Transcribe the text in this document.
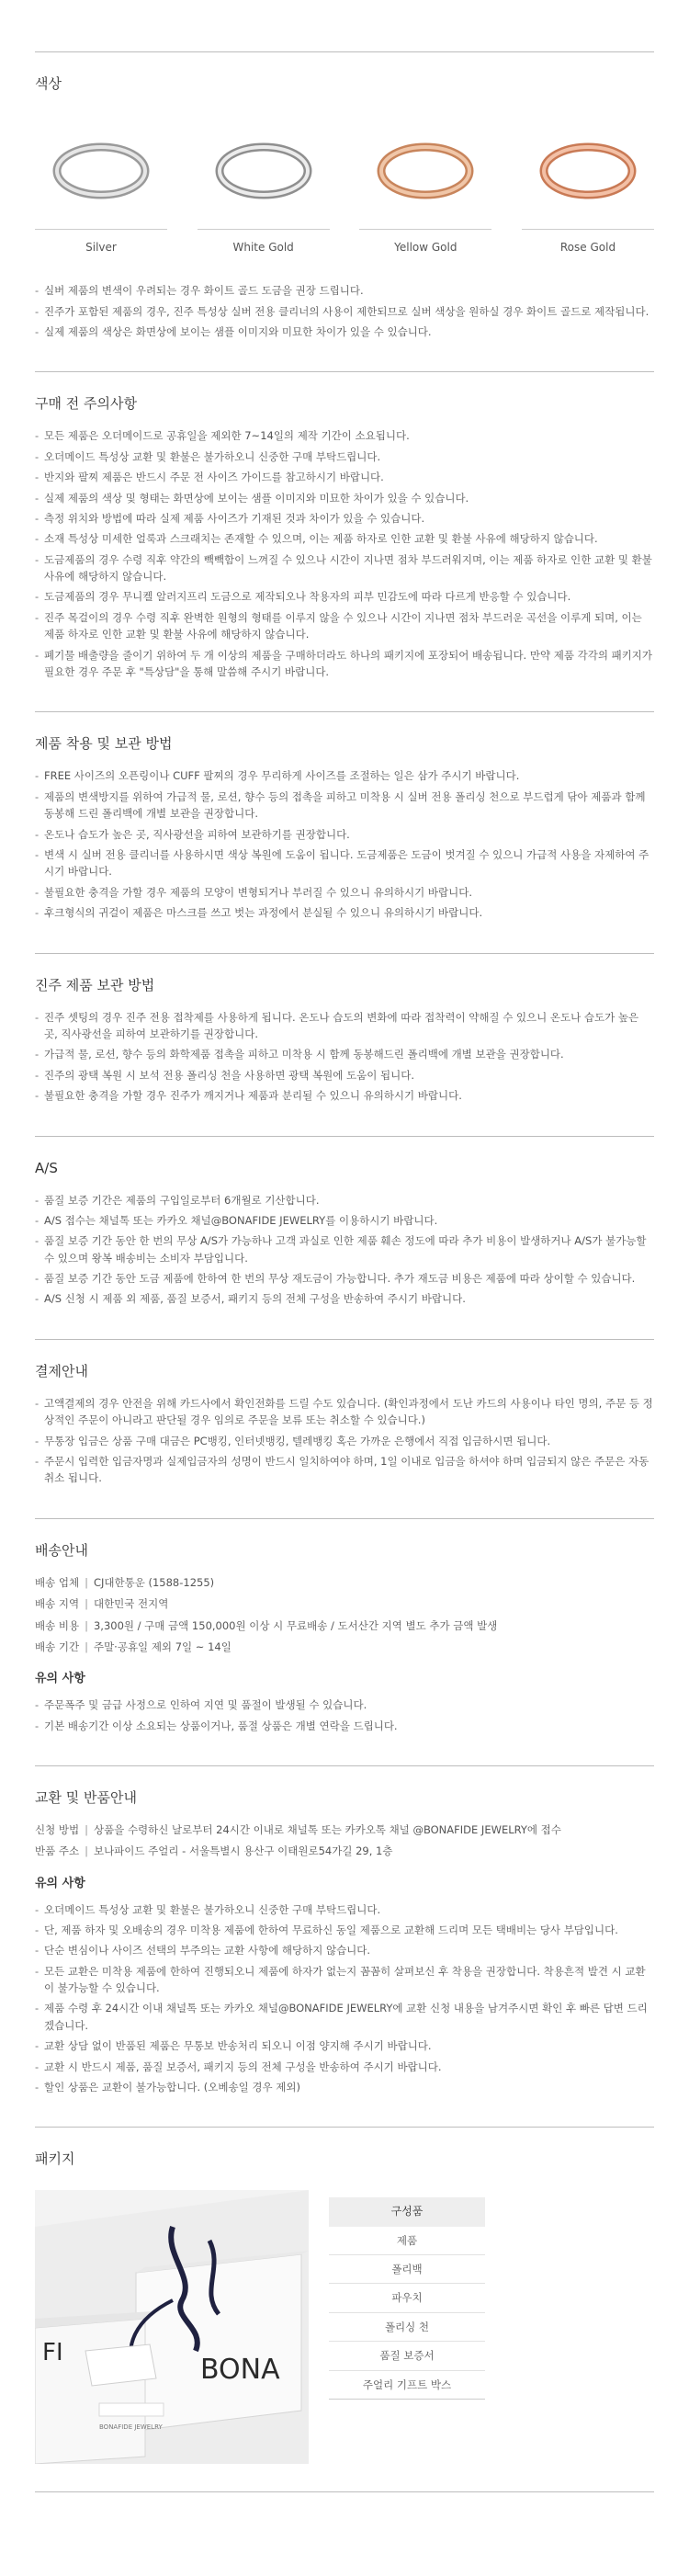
색상
Silver	White Gold	Yellow Gold	Rose Gold
- 실버 제품의 변색이 우려되는 경우 화이트 골드 도금을 권장 드립니다.
- 진주가 포함된 제품의 경우, 진주 특성상 실버 전용 클리너의 사용이 제한되므로 실버 색상을 원하실 경우 화이트 골드로 제작됩니다.
- 실제 제품의 색상은 화면상에 보이는 샘플 이미지와 미묘한 차이가 있을 수 있습니다.
구매 전 주의사항
- 모든 제품은 오더메이드로 공휴일을 제외한 7~14일의 제작 기간이 소요됩니다.
- 오더메이드 특성상 교환 및 환불은 불가하오니 신중한 구매 부탁드립니다.
- 반지와 팔찌 제품은 반드시 주문 전 사이즈 가이드를 참고하시기 바랍니다.
- 실제 제품의 색상 및 형태는 화면상에 보이는 샘플 이미지와 미묘한 차이가 있을 수 있습니다.
- 측정 위치와 방법에 따라 실제 제품 사이즈가 기재된 것과 차이가 있을 수 있습니다.
- 소재 특성상 미세한 얼룩과 스크래치는 존재할 수 있으며, 이는 제품 하자로 인한 교환 및 환불 사유에 해당하지 않습니다.
- 도금제품의 경우 수령 직후 약간의 빽빽함이 느껴질 수 있으나 시간이 지나면 점차 부드러워지며, 이는 제품 하자로 인한 교환 및 환불 사유에 해당하지 않습니다.
- 도금제품의 경우 무니켈 알러지프리 도금으로 제작되오나 착용자의 피부 민감도에 따라 다르게 반응할 수 있습니다.
- 진주 목걸이의 경우 수령 직후 완벽한 원형의 형태를 이루지 않을 수 있으나 시간이 지나면 점차 부드러운 곡선을 이루게 되며, 이는 제품 하자로 인한 교환 및 환불 사유에 해당하지 않습니다.
- 폐기물 배출량을 줄이기 위하여 두 개 이상의 제품을 구매하더라도 하나의 패키지에 포장되어 배송됩니다. 만약 제품 각각의 패키지가 필요한 경우 주문 후 "특상담"을 통해 말씀해 주시기 바랍니다.
제품 착용 및 보관 방법
- FREE 사이즈의 오픈링이나 CUFF 팔찌의 경우 무리하게 사이즈를 조절하는 일은 삼가 주시기 바랍니다.
- 제품의 변색방지를 위하여 가급적 물, 로션, 향수 등의 접촉을 피하고 미착용 시 실버 전용 폴리싱 천으로 부드럽게 닦아 제품과 함께 동봉해 드린 폴리백에 개별 보관을 권장합니다.
- 온도나 습도가 높은 곳, 직사광선을 피하여 보관하기를 권장합니다.
- 변색 시 실버 전용 클리너를 사용하시면 색상 복원에 도움이 됩니다. 도금제품은 도금이 벗겨질 수 있으니 가급적 사용을 자제하여 주시기 바랍니다.
- 불필요한 충격을 가할 경우 제품의 모양이 변형되거나 부러질 수 있으니 유의하시기 바랍니다.
- 후크형식의 귀걸이 제품은 마스크를 쓰고 벗는 과정에서 분실될 수 있으니 유의하시기 바랍니다.
진주 제품 보관 방법
- 진주 셋팅의 경우 진주 전용 접착제를 사용하게 됩니다. 온도나 습도의 변화에 따라 접착력이 약해질 수 있으니 온도나 습도가 높은 곳, 직사광선을 피하여 보관하기를 권장합니다.
- 가급적 물, 로션, 향수 등의 화학제품 접촉을 피하고 미착용 시 함께 동봉해드린 폴리백에 개별 보관을 권장합니다.
- 진주의 광택 복원 시 보석 전용 폴리싱 천을 사용하면 광택 복원에 도움이 됩니다.
- 불필요한 충격을 가할 경우 진주가 깨지거나 제품과 분리될 수 있으니 유의하시기 바랍니다.
A/S
- 품질 보증 기간은 제품의 구입일로부터 6개월로 기산합니다.
- A/S 접수는 채널톡 또는 카카오 채널@BONAFIDE JEWELRY를 이용하시기 바랍니다.
- 품질 보증 기간 동안 한 번의 무상 A/S가 가능하나 고객 과실로 인한 제품 훼손 정도에 따라 추가 비용이 발생하거나 A/S가 불가능할 수 있으며 왕복 배송비는 소비자 부담입니다.
- 품질 보증 기간 동안 도금 제품에 한하여 한 번의 무상 재도금이 가능합니다. 추가 재도금 비용은 제품에 따라 상이할 수 있습니다.
- A/S 신청 시 제품 외 제품, 품질 보증서, 패키지 등의 전체 구성을 반송하여 주시기 바랍니다.
결제안내
- 고액결제의 경우 안전을 위해 카드사에서 확인전화를 드릴 수도 있습니다. (확인과정에서 도난 카드의 사용이나 타인 명의, 주문 등 정상적인 주문이 아니라고 판단될 경우 임의로 주문을 보류 또는 취소할 수 있습니다.)
- 무통장 입금은 상품 구매 대금은 PC뱅킹, 인터넷뱅킹, 텔레뱅킹 혹은 가까운 은행에서 직접 입금하시면 됩니다.
- 주문시 입력한 입금자명과 실제입금자의 성명이 반드시 일치하여야 하며, 1일 이내로 입금을 하셔야 하며 입금되지 않은 주문은 자동취소 됩니다.
배송안내
배송 업체 | CJ대한통운 (1588-1255)
배송 지역 | 대한민국 전지역
배송 비용 | 3,300원 / 구매 금액 150,000원 이상 시 무료배송 / 도서산간 지역 별도 추가 금액 발생
배송 기간 | 주말·공휴일 제외 7일 ~ 14일
유의 사항
- 주문폭주 및 금급 사정으로 인하여 지연 및 품절이 발생될 수 있습니다.
- 기본 배송기간 이상 소요되는 상품이거나, 품절 상품은 개별 연락을 드립니다.
교환 및 반품안내
신청 방법 | 상품을 수령하신 날로부터 24시간 이내로 채널톡 또는 카카오톡 채널 @BONAFIDE JEWELRY에 접수
반품 주소 | 보나파이드 주얼리 - 서울특별시 용산구 이태원로54가길 29, 1층
유의 사항
- 오더메이드 특성상 교환 및 환불은 불가하오니 신중한 구매 부탁드립니다.
- 단, 제품 하자 및 오배송의 경우 미착용 제품에 한하여 무료하신 동일 제품으로 교환해 드리며 모든 택배비는 당사 부담입니다.
- 단순 변심이나 사이즈 선택의 부주의는 교환 사항에 해당하지 않습니다.
- 모든 교환은 미착용 제품에 한하여 진행되오니 제품에 하자가 없는지 꼼꼼히 살펴보신 후 착용을 권장합니다. 착용흔적 발견 시 교환이 불가능할 수 있습니다.
- 제품 수령 후 24시간 이내 채널톡 또는 카카오 채널@BONAFIDE JEWELRY에 교환 신청 내용을 남겨주시면 확인 후 빠른 답변 드리겠습니다.
- 교환 상담 없이 반품된 제품은 무통보 반송처리 되오니 이점 양지해 주시기 바랍니다.
- 교환 시 반드시 제품, 품질 보증서, 패키지 등의 전체 구성을 반송하여 주시기 바랍니다.
- 할인 상품은 교환이 불가능합니다. (오베송일 경우 제외)
패키지
FI
BONA
BONAFIDE JEWELRY
구성품
제품
폴리백
파우치
폴리싱 천
품질 보증서
주얼리 기프트 박스
